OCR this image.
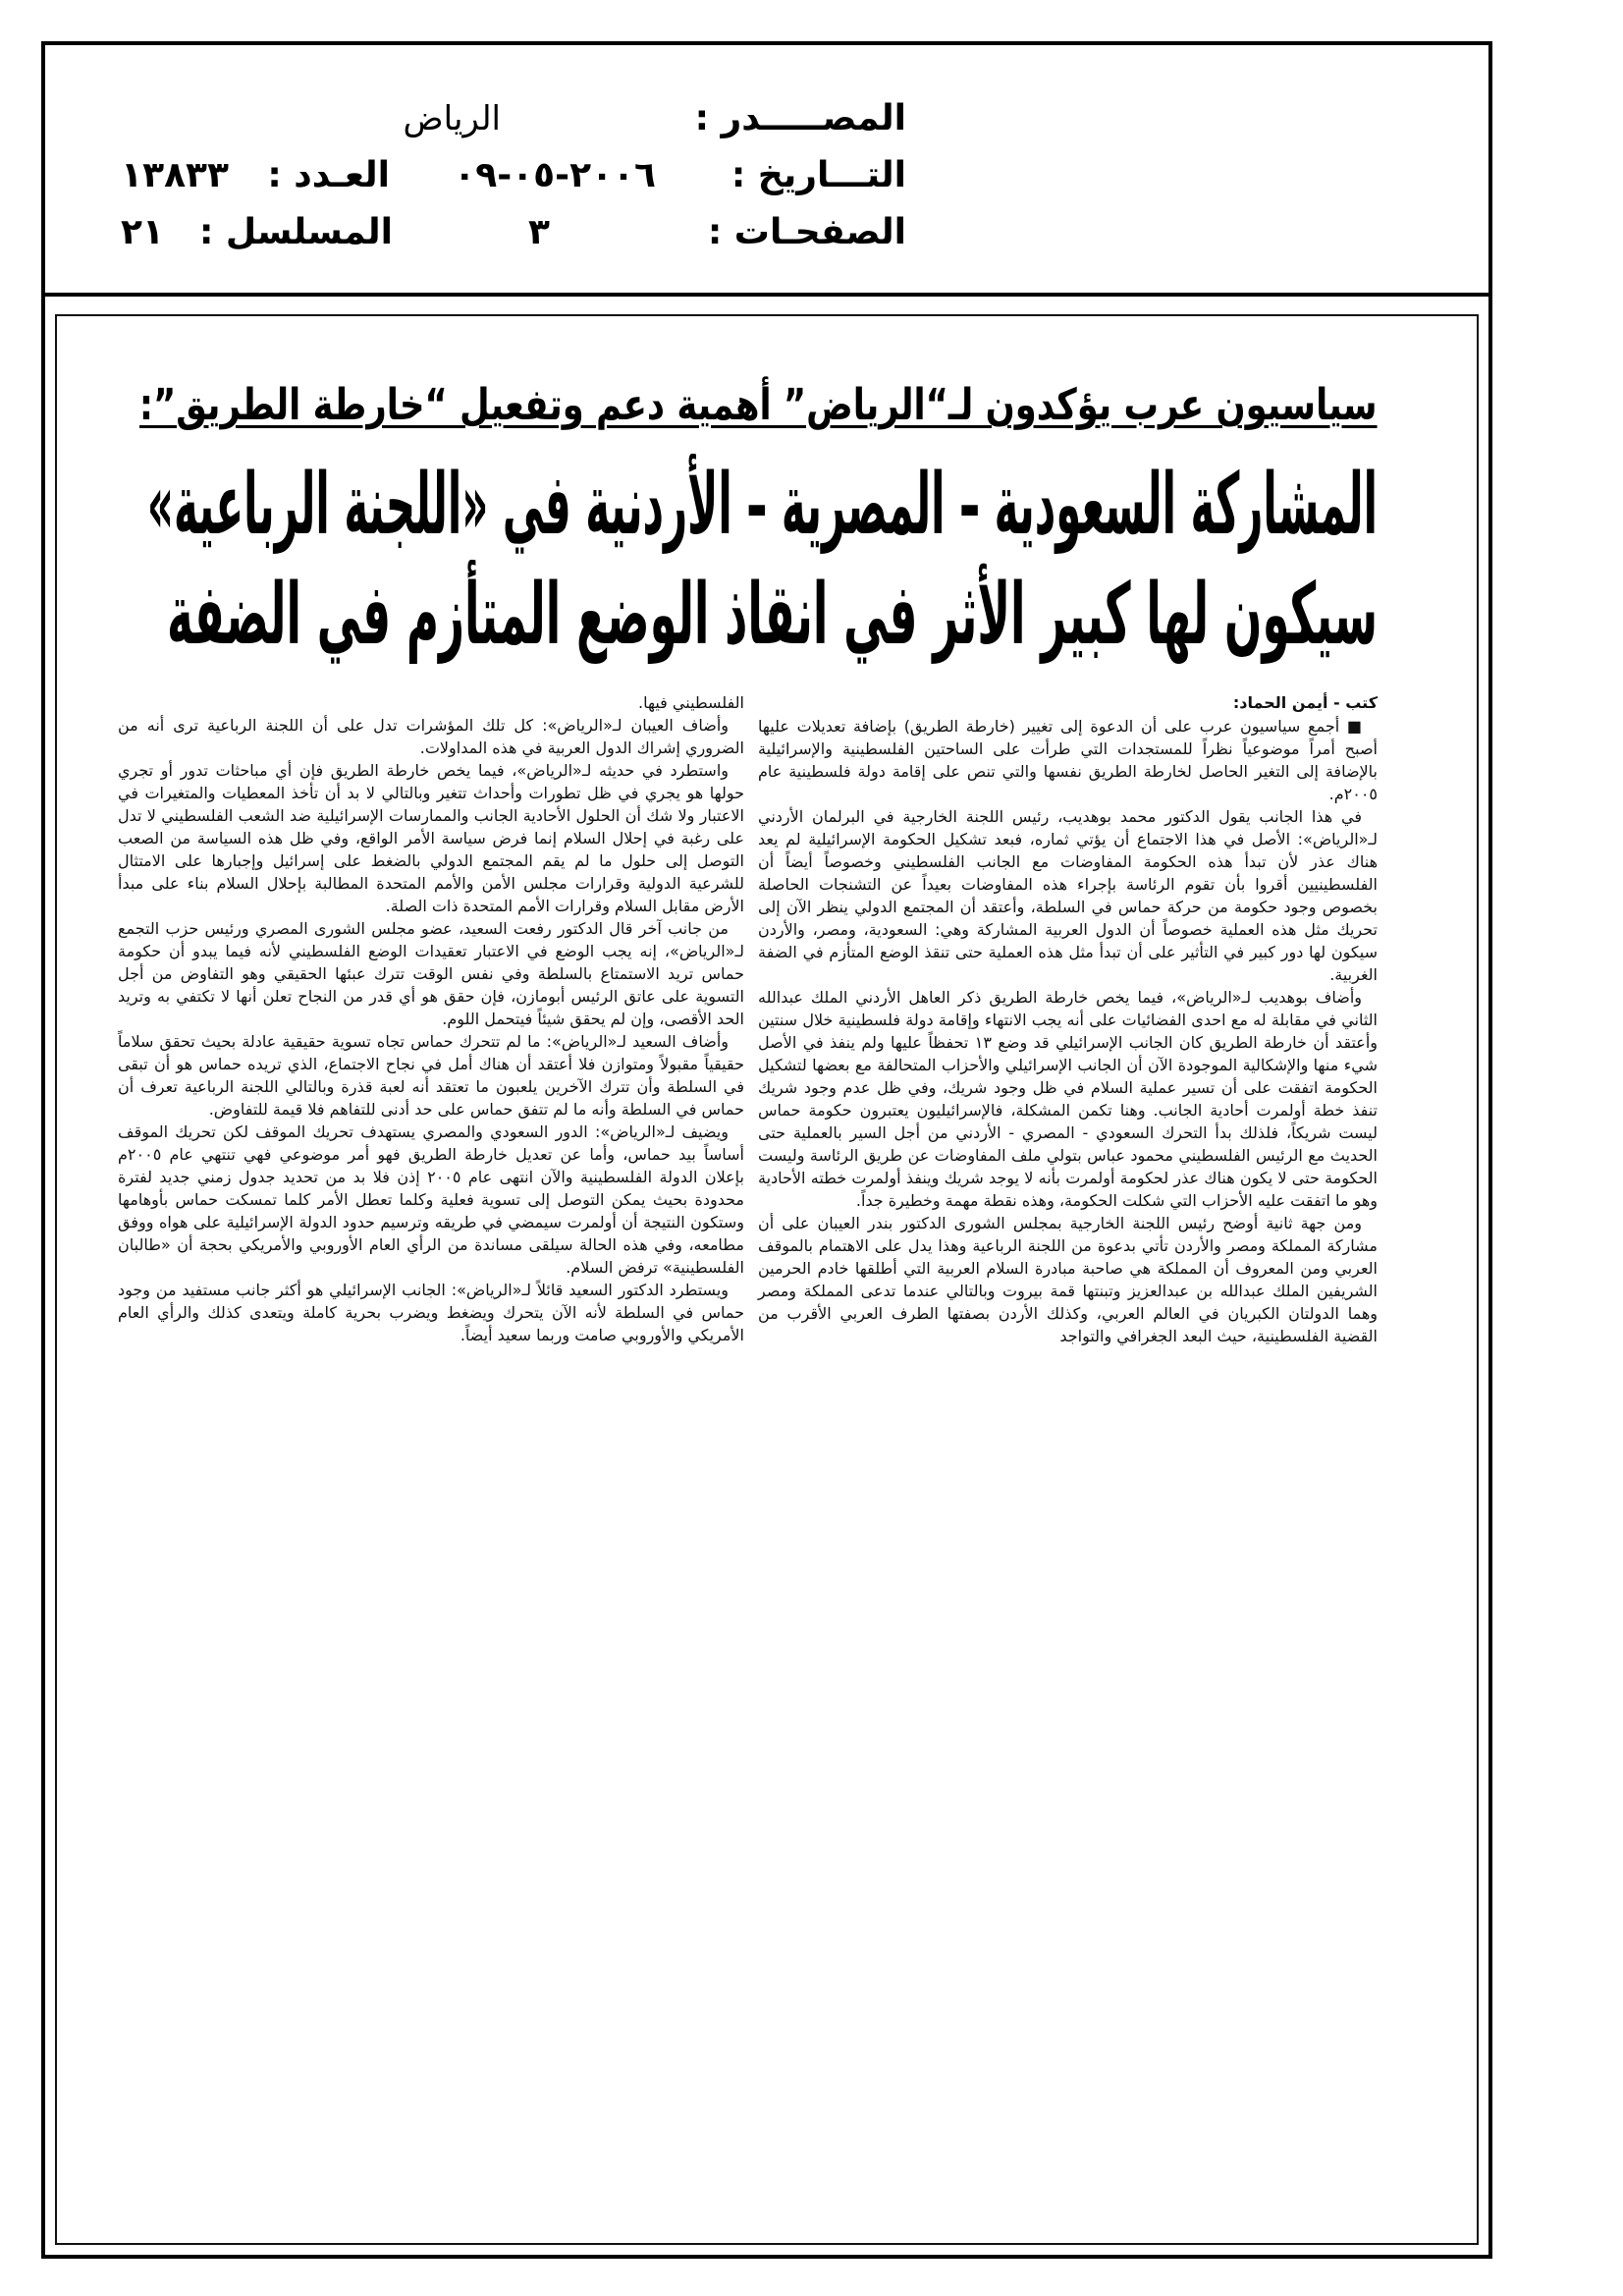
المصـــــدر :
الرياض
التـــاريخ :
٢٠٠٦-٠٥-٠٩
العـدد :
١٣٨٣٣
الصفحـات :
٣
المسلسل :
٢١
سياسيون عرب يؤكدون لـ“الرياض” أهمية دعم وتفعيل “خارطة الطريق”:
المشاركة السعودية – المصرية – الأردنية في «اللجنة الرباعية»
سيكون لها كبير الأثر في انقاذ الوضع المتأزم في الضفة
كتب - أيمن الحماد:

■ أجمع سياسيون عرب على أن الدعوة إلى تغيير (خارطة الطريق) بإضافة تعديلات عليها أصبح أمراً موضوعياً نظراً للمستجدات التي طرأت على الساحتين الفلسطينية والإسرائيلية بالإضافة إلى التغير الحاصل لخارطة الطريق نفسها والتي تنص على إقامة دولة فلسطينية عام ٢٠٠٥م.

في هذا الجانب يقول الدكتور محمد بوهديب، رئيس اللجنة الخارجية في البرلمان الأردني لـ«الرياض»: الأصل في هذا الاجتماع أن يؤتي ثماره، فبعد تشكيل الحكومة الإسرائيلية لم يعد هناك عذر لأن تبدأ هذه الحكومة المفاوضات مع الجانب الفلسطيني وخصوصاً أيضاً أن الفلسطينيين أقروا بأن تقوم الرئاسة بإجراء هذه المفاوضات بعيداً عن التشنجات الحاصلة بخصوص وجود حكومة من حركة حماس في السلطة، وأعتقد أن المجتمع الدولي ينظر الآن إلى تحريك مثل هذه العملية خصوصاً أن الدول العربية المشاركة وهي: السعودية، ومصر، والأردن سيكون لها دور كبير في التأثير على أن تبدأ مثل هذه العملية حتى تنقذ الوضع المتأزم في الضفة الغربية.

وأضاف بوهديب لـ«الرياض»، فيما يخص خارطة الطريق ذكر العاهل الأردني الملك عبدالله الثاني في مقابلة له مع احدى الفضائيات على أنه يجب الانتهاء وإقامة دولة فلسطينية خلال سنتين وأعتقد أن خارطة الطريق كان الجانب الإسرائيلي قد وضع ١٣ تحفظاً عليها ولم ينفذ في الأصل شيء منها والإشكالية الموجودة الآن أن الجانب الإسرائيلي والأحزاب المتحالفة مع بعضها لتشكيل الحكومة اتفقت على أن تسير عملية السلام في ظل وجود شريك، وفي ظل عدم وجود شريك تنفذ خطة أولمرت أحادية الجانب. وهنا تكمن المشكلة، فالإسرائيليون يعتبرون حكومة حماس ليست شريكاً، فلذلك بدأ التحرك السعودي - المصري - الأردني من أجل السير بالعملية حتى الحديث مع الرئيس الفلسطيني محمود عباس بتولي ملف المفاوضات عن طريق الرئاسة وليست الحكومة حتى لا يكون هناك عذر لحكومة أولمرت بأنه لا يوجد شريك وينفذ أولمرت خطته الأحادية وهو ما اتفقت عليه الأحزاب التي شكلت الحكومة، وهذه نقطة مهمة وخطيرة جداً.

ومن جهة ثانية أوضح رئيس اللجنة الخارجية بمجلس الشورى الدكتور بندر العيبان على أن مشاركة المملكة ومصر والأردن تأتي بدعوة من اللجنة الرباعية وهذا يدل على الاهتمام بالموقف العربي ومن المعروف أن المملكة هي صاحبة مبادرة السلام العربية التي أطلقها خادم الحرمين الشريفين الملك عبدالله بن عبدالعزيز وتبنتها قمة بيروت وبالتالي عندما تدعى المملكة ومصر وهما الدولتان الكبريان في العالم العربي، وكذلك الأردن بصفتها الطرف العربي الأقرب من القضية الفلسطينية، حيث البعد الجغرافي والتواجد

الفلسطيني فيها.

وأضاف العيبان لـ«الرياض»: كل تلك المؤشرات تدل على أن اللجنة الرباعية ترى أنه من الضروري إشراك الدول العربية في هذه المداولات.

واستطرد في حديثه لـ«الرياض»، فيما يخص خارطة الطريق فإن أي مباحثات تدور أو تجري حولها هو يجري في ظل تطورات وأحداث تتغير وبالتالي لا بد أن تأخذ المعطيات والمتغيرات في الاعتبار ولا شك أن الحلول الأحادية الجانب والممارسات الإسرائيلية ضد الشعب الفلسطيني لا تدل على رغبة في إحلال السلام إنما فرض سياسة الأمر الواقع، وفي ظل هذه السياسة من الصعب التوصل إلى حلول ما لم يقم المجتمع الدولي بالضغط على إسرائيل وإجبارها على الامتثال للشرعية الدولية وقرارات مجلس الأمن والأمم المتحدة المطالبة بإحلال السلام بناء على مبدأ الأرض مقابل السلام وقرارات الأمم المتحدة ذات الصلة.

من جانب آخر قال الدكتور رفعت السعيد، عضو مجلس الشورى المصري ورئيس حزب التجمع لـ«الرياض»، إنه يجب الوضع في الاعتبار تعقيدات الوضع الفلسطيني لأنه فيما يبدو أن حكومة حماس تريد الاستمتاع بالسلطة وفي نفس الوقت تترك عبئها الحقيقي وهو التفاوض من أجل التسوية على عاتق الرئيس أبومازن، فإن حقق هو أي قدر من النجاح تعلن أنها لا تكتفي به وتريد الحد الأقصى، وإن لم يحقق شيئاً فيتحمل اللوم.

وأضاف السعيد لـ«الرياض»: ما لم تتحرك حماس تجاه تسوية حقيقية عادلة بحيث تحقق سلاماً حقيقياً مقبولاً ومتوازن فلا أعتقد أن هناك أمل في نجاح الاجتماع، الذي تريده حماس هو أن تبقى في السلطة وأن تترك الآخرين يلعبون ما تعتقد أنه لعبة قذرة وبالتالي اللجنة الرباعية تعرف أن حماس في السلطة وأنه ما لم تتفق حماس على حد أدنى للتفاهم فلا قيمة للتفاوض.

ويضيف لـ«الرياض»: الدور السعودي والمصري يستهدف تحريك الموقف لكن تحريك الموقف أساساً بيد حماس، وأما عن تعديل خارطة الطريق فهو أمر موضوعي فهي تنتهي عام ٢٠٠٥م بإعلان الدولة الفلسطينية والآن انتهى عام ٢٠٠٥ إذن فلا بد من تحديد جدول زمني جديد لفترة محدودة بحيث يمكن التوصل إلى تسوية فعلية وكلما تعطل الأمر كلما تمسكت حماس بأوهامها وستكون النتيجة أن أولمرت سيمضي في طريقه وترسيم حدود الدولة الإسرائيلية على هواه ووفق مطامعه، وفي هذه الحالة سيلقى مساندة من الرأي العام الأوروبي والأمريكي بحجة أن «طالبان الفلسطينية» ترفض السلام.

ويستطرد الدكتور السعيد قائلاً لـ«الرياض»: الجانب الإسرائيلي هو أكثر جانب مستفيد من وجود حماس في السلطة لأنه الآن يتحرك ويضغط ويضرب بحرية كاملة ويتعدى كذلك والرأي العام الأمريكي والأوروبي صامت وربما سعيد أيضاً.
